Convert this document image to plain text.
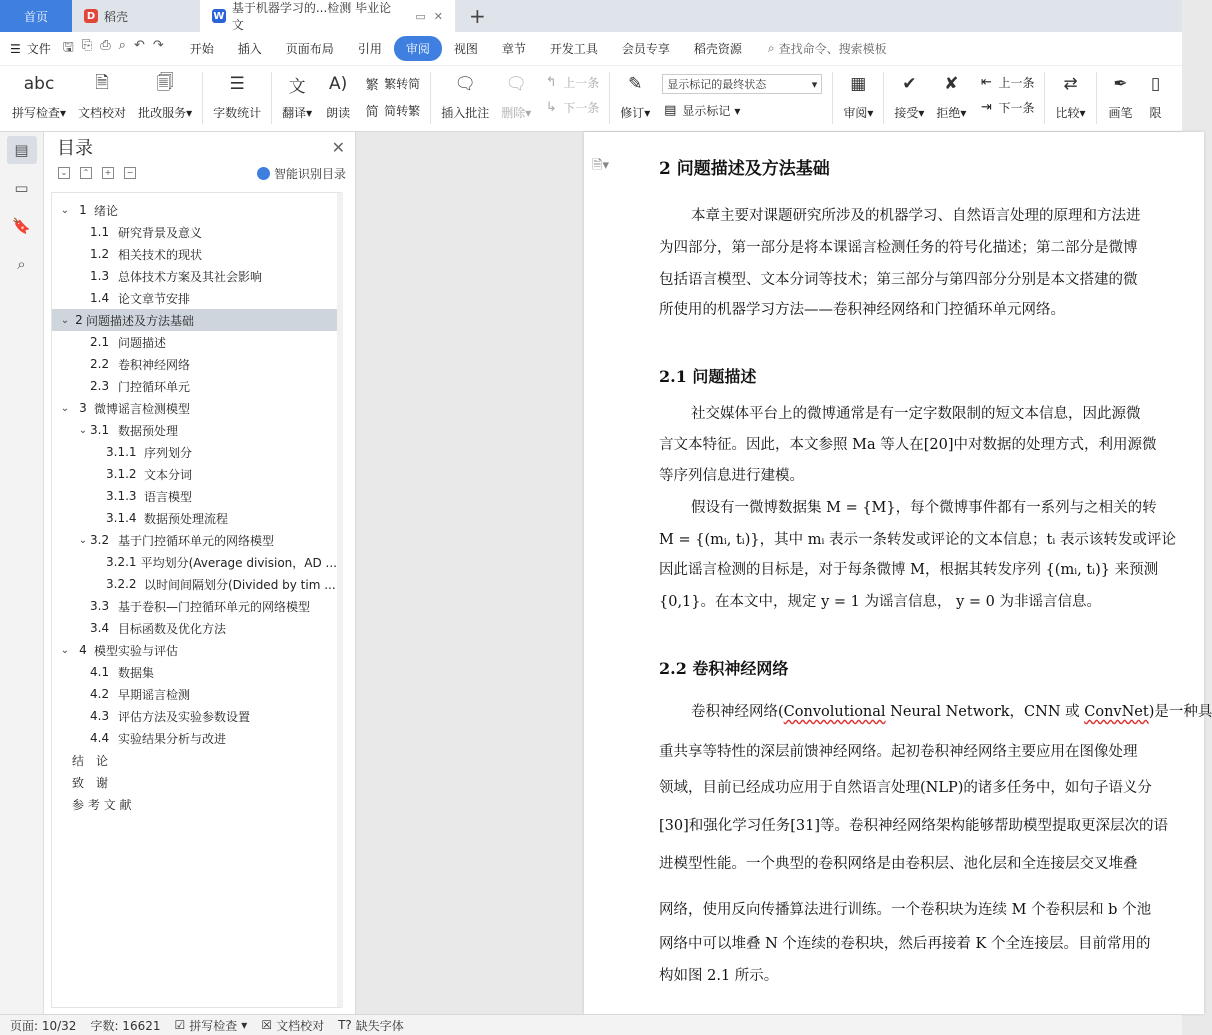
首页	D 稻壳	W
基于机器学习的...检测 毕业论文
▭ ✕ +
☰ 文件 🖫 ⎘ ⎙ ⌕ ↶ ↷	开始	插入	页面布局	引用	审阅	视图	章节	开发工具	会员专享	稻壳资源	⌕ 查找命令、搜索模板
abc
拼写检查▾
🗎
文档校对
🗐
批改服务▾
☰
字数统计
文
翻译▾
A)
朗读
繁 繁转简
简 简转繁
🗨
插入批注
🗨
删除▾
↰ 上一条
↳ 下一条
✎
修订▾
显示标记的最终状态	▾
▤ 显示标记 ▾
▦
审阅▾
✔
接受▾
✘
拒绝▾
⇤ 上一条
⇥ 下一条
⇄
比较▾
✒
画笔
▯
限
▤
▭
🔖
⌕
目录	✕
⌄	⌃	+	−	智能识别目录
⌄ 1 绪论
1.1 研究背景及意义
1.2 相关技术的现状
1.3 总体技术方案及其社会影响
1.4 论文章节安排
⌄ 2 问题描述及方法基础
2.1 问题描述
2.2 卷积神经网络
2.3 门控循环单元
⌄ 3 微博谣言检测模型
⌄ 3.1 数据预处理
3.1.1 序列划分
3.1.2 文本分词
3.1.3 语言模型
3.1.4 数据预处理流程
⌄ 3.2 基于门控循环单元的网络模型
3.2.1 平均划分(Average division，AD ...
3.2.2 以时间间隔划分(Divided by tim ...
3.3 基于卷积—门控循环单元的网络模型
3.4 目标函数及优化方法
⌄ 4 模型实验与评估
4.1 数据集
4.2 早期谣言检测
4.3 评估方法及实验参数设置
4.4 实验结果分析与改进
结　论
致　谢
参 考 文 献
🗎▾	2 问题描述及方法基础
本章主要对课题研究所涉及的机器学习、自然语言处理的原理和方法进
为四部分，第一部分是将本课谣言检测任务的符号化描述；第二部分是微博
包括语言模型、文本分词等技术；第三部分与第四部分分别是本文搭建的微
所使用的机器学习方法——卷积神经网络和门控循环单元网络。
2.1 问题描述
社交媒体平台上的微博通常是有一定字数限制的短文本信息，因此源微
言文本特征。因此，本文参照 Ma 等人在[20]中对数据的处理方式，利用源微
等序列信息进行建模。
假设有一微博数据集 M = {M}，每个微博事件都有一系列与之相关的转
M = {(mᵢ, tᵢ)}，其中 mᵢ 表示一条转发或评论的文本信息；tᵢ 表示该转发或评论
因此谣言检测的目标是，对于每条微博 M，根据其转发序列 {(mᵢ, tᵢ)} 来预测
{0,1}。在本文中，规定 y = 1 为谣言信息， y = 0 为非谣言信息。
2.2 卷积神经网络
卷积神经网络(Convolutional Neural Network，CNN 或 ConvNet)是一种具
重共享等特性的深层前馈神经网络。起初卷积神经网络主要应用在图像处理
领域，目前已经成功应用于自然语言处理(NLP)的诸多任务中，如句子语义分
[30]和强化学习任务[31]等。卷积神经网络架构能够帮助模型提取更深层次的语
进模型性能。一个典型的卷积网络是由卷积层、池化层和全连接层交叉堆叠
网络，使用反向传播算法进行训练。一个卷积块为连续 M 个卷积层和 b 个池
网络中可以堆叠 N 个连续的卷积块，然后再接着 K 个全连接层。目前常用的
构如图 2.1 所示。
页面: 10/32 字数: 16621 ☑ 拼写检查 ▾ ☒ 文档校对 T? 缺失字体
